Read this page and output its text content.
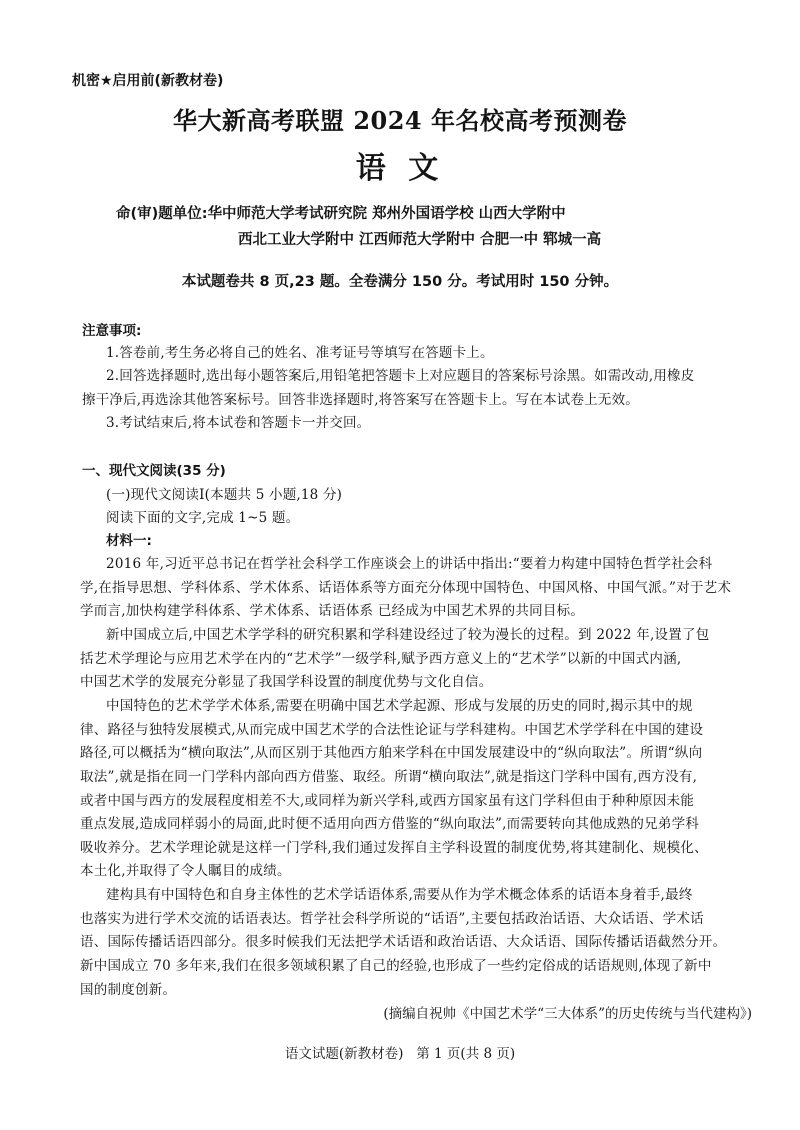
机密★启用前(新教材卷)
华大新高考联盟 2024 年名校高考预测卷
语 文
命(审)题单位:华中师范大学考试研究院 郑州外国语学校 山西大学附中
西北工业大学附中 江西师范大学附中 合肥一中 郓城一高
本试题卷共 8 页,23 题。全卷满分 150 分。考试用时 150 分钟。
注意事项:
1.答卷前,考生务必将自己的姓名、准考证号等填写在答题卡上。
2.回答选择题时,选出每小题答案后,用铅笔把答题卡上对应题目的答案标号涂黑。如需改动,用橡皮
擦干净后,再选涂其他答案标号。回答非选择题时,将答案写在答题卡上。写在本试卷上无效。
3.考试结束后,将本试卷和答题卡一并交回。
一、现代文阅读(35 分)
(一)现代文阅读Ⅰ(本题共 5 小题,18 分)
阅读下面的文字,完成 1~5 题。
材料一:
2016 年,习近平总书记在哲学社会科学工作座谈会上的讲话中指出:“要着力构建中国特色哲学社会科
学,在指导思想、学科体系、学术体系、话语体系等方面充分体现中国特色、中国风格、中国气派。”对于艺术
学而言,加快构建学科体系、学术体系、话语体系 已经成为中国艺术界的共同目标。
新中国成立后,中国艺术学学科的研究积累和学科建设经过了较为漫长的过程。到 2022 年,设置了包
括艺术学理论与应用艺术学在内的“艺术学”一级学科,赋予西方意义上的“艺术学”以新的中国式内涵,
中国艺术学的发展充分彰显了我国学科设置的制度优势与文化自信。
中国特色的艺术学学术体系,需要在明确中国艺术学起源、形成与发展的历史的同时,揭示其中的规
律、路径与独特发展模式,从而完成中国艺术学的合法性论证与学科建构。中国艺术学学科在中国的建设
路径,可以概括为“横向取法”,从而区别于其他西方舶来学科在中国发展建设中的“纵向取法”。所谓“纵向
取法”,就是指在同一门学科内部向西方借鉴、取经。所谓“横向取法”,就是指这门学科中国有,西方没有,
或者中国与西方的发展程度相差不大,或同样为新兴学科,或西方国家虽有这门学科但由于种种原因未能
重点发展,造成同样弱小的局面,此时便不适用向西方借鉴的“纵向取法”,而需要转向其他成熟的兄弟学科
吸收养分。艺术学理论就是这样一门学科,我们通过发挥自主学科设置的制度优势,将其建制化、规模化、
本土化,并取得了令人瞩目的成绩。
建构具有中国特色和自身主体性的艺术学话语体系,需要从作为学术概念体系的话语本身着手,最终
也落实为进行学术交流的话语表达。哲学社会科学所说的“话语”,主要包括政治话语、大众话语、学术话
语、国际传播话语四部分。很多时候我们无法把学术话语和政治话语、大众话语、国际传播话语截然分开。
新中国成立 70 多年来,我们在很多领域积累了自己的经验,也形成了一些约定俗成的话语规则,体现了新中
国的制度创新。
(摘编自祝帅《中国艺术学“三大体系”的历史传统与当代建构》)
语文试题(新教材卷)   第 1 页(共 8 页)
